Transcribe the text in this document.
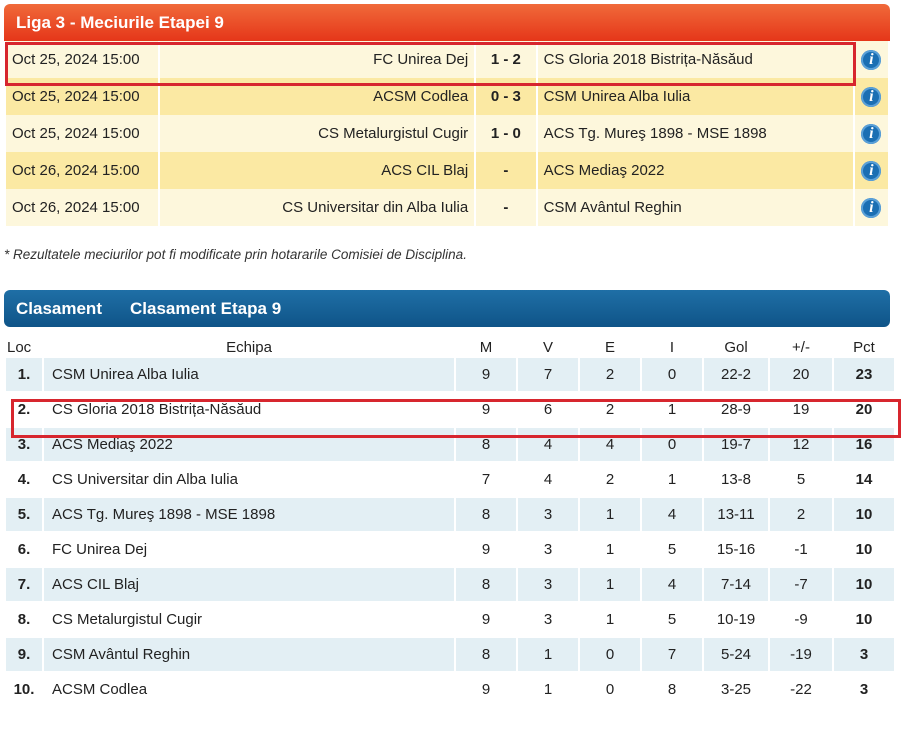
Liga 3 - Meciurile Etapei 9
Oct 25, 2024 15:00	FC Unirea Dej	1 - 2	CS Gloria 2018 Bistrița-Năsăud	i
Oct 25, 2024 15:00	ACSM Codlea	0 - 3	CSM Unirea Alba Iulia	i
Oct 25, 2024 15:00	CS Metalurgistul Cugir	1 - 0	ACS Tg. Mureş 1898 - MSE 1898	i
Oct 26, 2024 15:00	ACS CIL Blaj	-	ACS Mediaş 2022	i
Oct 26, 2024 15:00	CS Universitar din Alba Iulia	-	CSM Avântul Reghin	i
* Rezultatele meciurilor pot fi modificate prin hotararile Comisiei de Disciplina.
Clasament Clasament Etapa 9
Loc	Echipa	M	V	E	I	Gol	+/-	Pct
1.	CSM Unirea Alba Iulia	9	7	2	0	22-2	20	23
2.	CS Gloria 2018 Bistrița-Năsăud	9	6	2	1	28-9	19	20
3.	ACS Mediaş 2022	8	4	4	0	19-7	12	16
4.	CS Universitar din Alba Iulia	7	4	2	1	13-8	5	14
5.	ACS Tg. Mureş 1898 - MSE 1898	8	3	1	4	13-11	2	10
6.	FC Unirea Dej	9	3	1	5	15-16	-1	10
7.	ACS CIL Blaj	8	3	1	4	7-14	-7	10
8.	CS Metalurgistul Cugir	9	3	1	5	10-19	-9	10
9.	CSM Avântul Reghin	8	1	0	7	5-24	-19	3
10.	ACSM Codlea	9	1	0	8	3-25	-22	3
